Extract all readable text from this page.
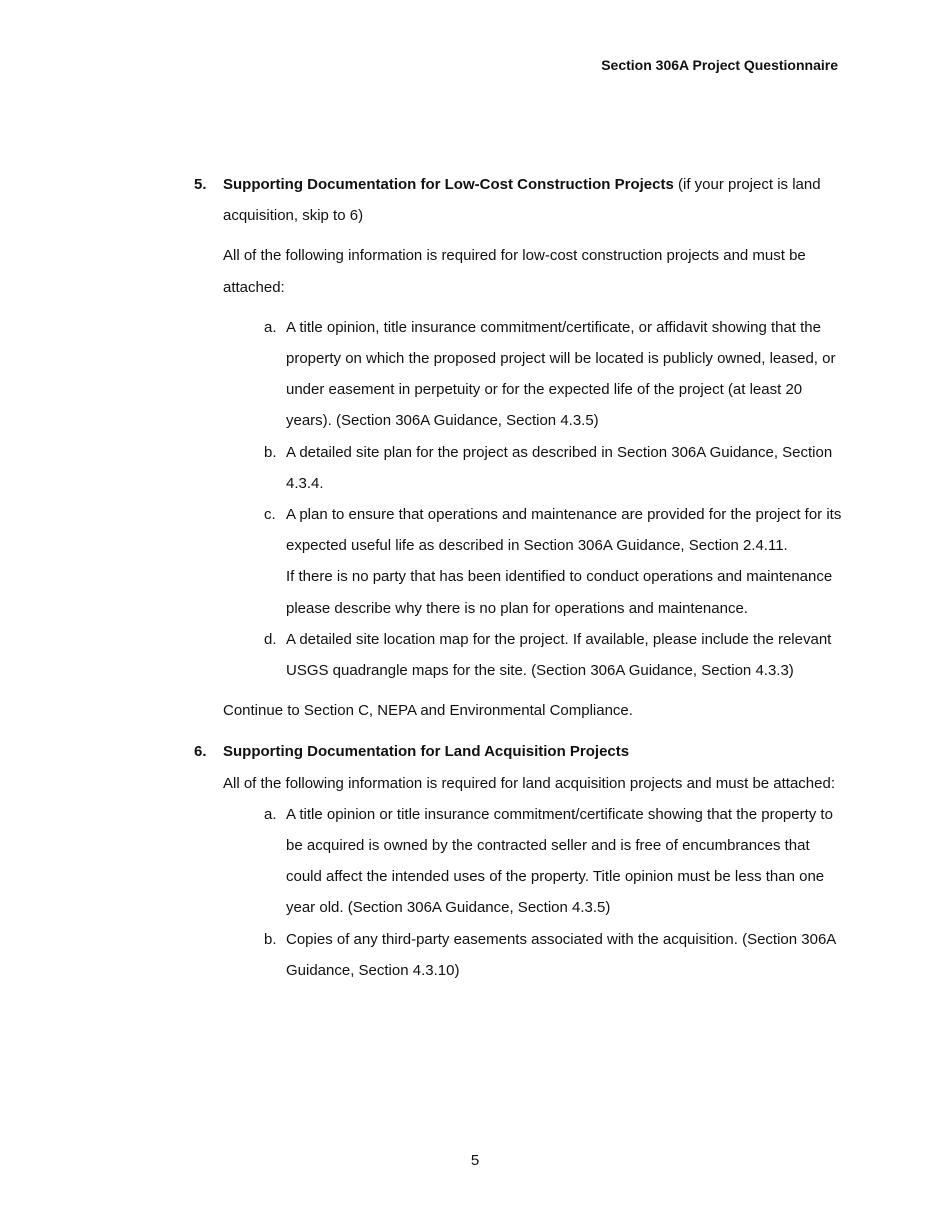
Section 306A Project Questionnaire
5. Supporting Documentation for Low-Cost Construction Projects (if your project is land acquisition, skip to 6)
All of the following information is required for low-cost construction projects and must be attached:
a. A title opinion, title insurance commitment/certificate, or affidavit showing that the property on which the proposed project will be located is publicly owned, leased, or under easement in perpetuity or for the expected life of the project (at least 20 years). (Section 306A Guidance, Section 4.3.5)
b. A detailed site plan for the project as described in Section 306A Guidance, Section 4.3.4.
c. A plan to ensure that operations and maintenance are provided for the project for its expected useful life as described in Section 306A Guidance, Section 2.4.11.
If there is no party that has been identified to conduct operations and maintenance please describe why there is no plan for operations and maintenance.
d. A detailed site location map for the project. If available, please include the relevant USGS quadrangle maps for the site. (Section 306A Guidance, Section 4.3.3)
Continue to Section C, NEPA and Environmental Compliance.
6. Supporting Documentation for Land Acquisition Projects
All of the following information is required for land acquisition projects and must be attached:
a. A title opinion or title insurance commitment/certificate showing that the property to be acquired is owned by the contracted seller and is free of encumbrances that could affect the intended uses of the property. Title opinion must be less than one year old. (Section 306A Guidance, Section 4.3.5)
b. Copies of any third-party easements associated with the acquisition. (Section 306A Guidance, Section 4.3.10)
5
